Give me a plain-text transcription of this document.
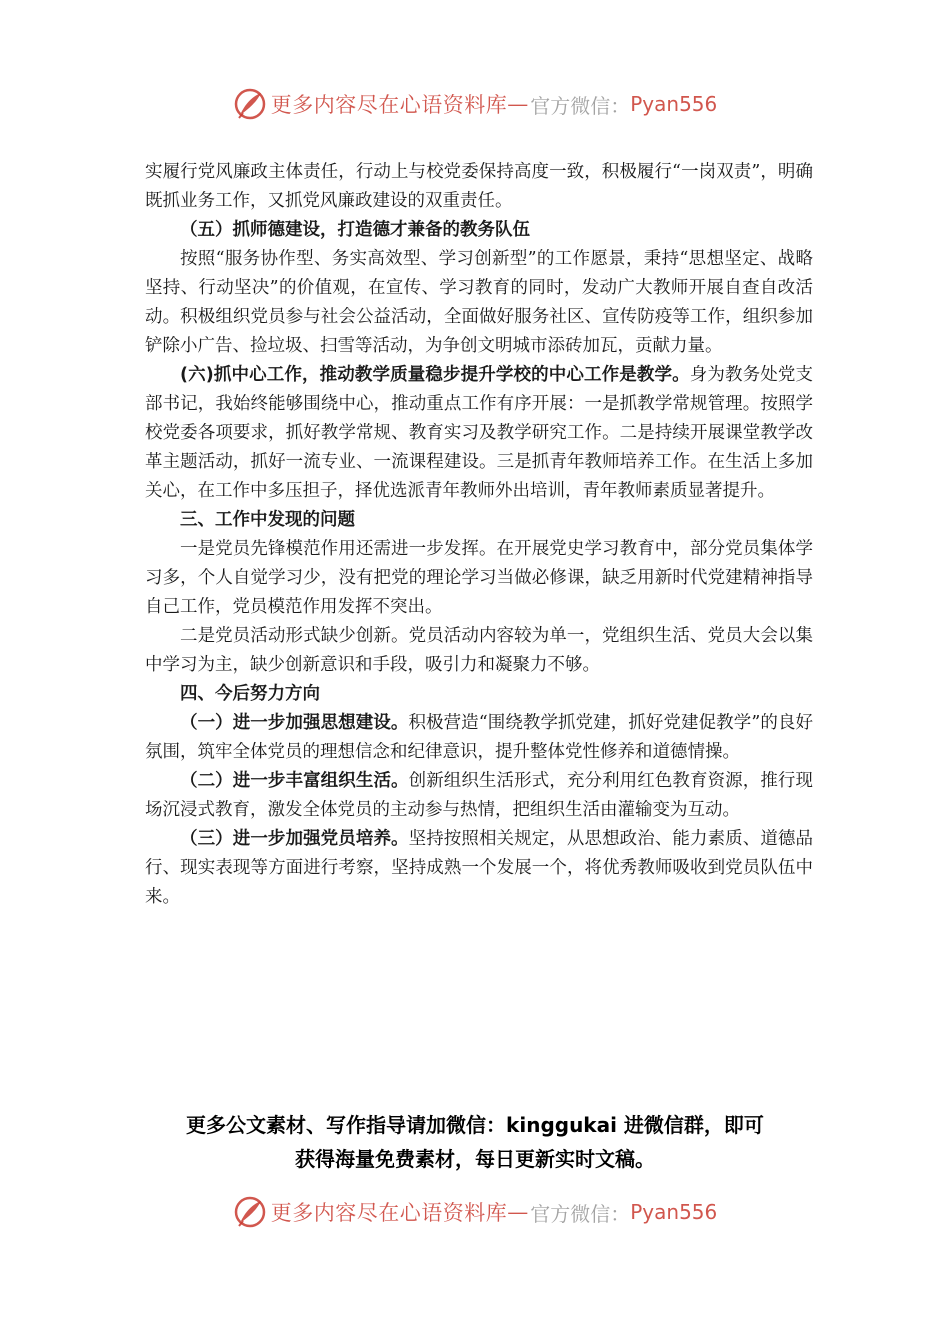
更多内容尽在心语资料库 — 官方微信： Pyan556

实履行党风廉政主体责任，行动上与校党委保持高度一致，积极履行“一岗双责”，明确既抓业务工作，又抓党风廉政建设的双重责任。

（五）抓师德建设，打造德才兼备的教务队伍

按照“服务协作型、务实高效型、学习创新型”的工作愿景，秉持“思想坚定、战略坚持、行动坚决”的价值观，在宣传、学习教育的同时，发动广大教师开展自查自改活动。积极组织党员参与社会公益活动，全面做好服务社区、宣传防疫等工作，组织参加铲除小广告、捡垃圾、扫雪等活动，为争创文明城市添砖加瓦，贡献力量。

(六)抓中心工作，推动教学质量稳步提升学校的中心工作是教学。身为教务处党支部书记，我始终能够围绕中心，推动重点工作有序开展：一是抓教学常规管理。按照学校党委各项要求，抓好教学常规、教育实习及教学研究工作。二是持续开展课堂教学改革主题活动，抓好一流专业、一流课程建设。三是抓青年教师培养工作。在生活上多加关心，在工作中多压担子，择优选派青年教师外出培训，青年教师素质显著提升。

三、工作中发现的问题

一是党员先锋模范作用还需进一步发挥。在开展党史学习教育中，部分党员集体学习多，个人自觉学习少，没有把党的理论学习当做必修课，缺乏用新时代党建精神指导自己工作，党员模范作用发挥不突出。

二是党员活动形式缺少创新。党员活动内容较为单一，党组织生活、党员大会以集中学习为主，缺少创新意识和手段，吸引力和凝聚力不够。

四、今后努力方向

（一）进一步加强思想建设。积极营造“围绕教学抓党建，抓好党建促教学”的良好氛围，筑牢全体党员的理想信念和纪律意识，提升整体党性修养和道德情操。

（二）进一步丰富组织生活。创新组织生活形式，充分利用红色教育资源，推行现场沉浸式教育，激发全体党员的主动参与热情，把组织生活由灌输变为互动。

（三）进一步加强党员培养。坚持按照相关规定，从思想政治、能力素质、道德品行、现实表现等方面进行考察，坚持成熟一个发展一个，将优秀教师吸收到党员队伍中来。

更多公文素材、写作指导请加微信：kinggukai 进微信群，即可
获得海量免费素材，每日更新实时文稿。
更多内容尽在心语资料库 — 官方微信： Pyan556
